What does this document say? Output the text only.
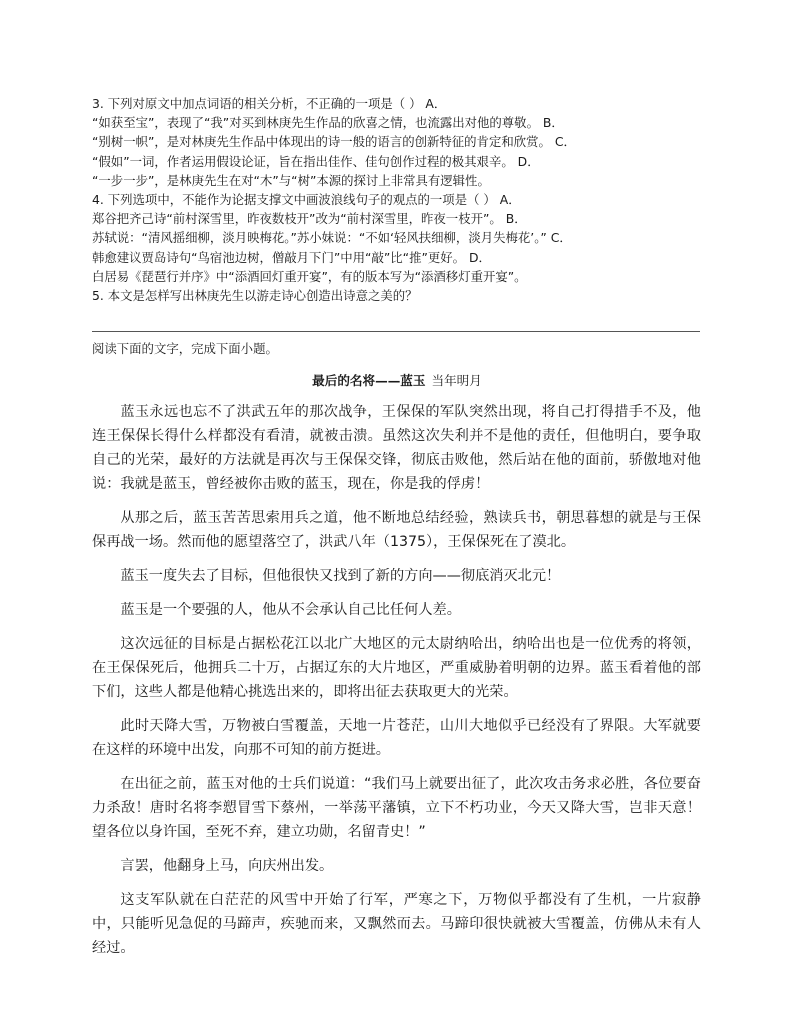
3. 下列对原文中加点词语的相关分析，不正确的一项是（ ） A．
“如获至宝”，表现了“我”对买到林庚先生作品的欣喜之情，也流露出对他的尊敬。 B．
“别树一帜”，是对林庚先生作品中体现出的诗一般的语言的创新特征的肯定和欣赏。 C．
“假如”一词，作者运用假设论证，旨在指出佳作、佳句创作过程的极其艰辛。 D．
“一步一步”，是林庚先生在对“木”与“树”本源的探讨上非常具有逻辑性。
4. 下列选项中，不能作为论据支撑文中画波浪线句子的观点的一项是（ ） A．
郑谷把齐己诗“前村深雪里，昨夜数枝开”改为“前村深雪里，昨夜一枝开”。 B．
苏轼说：“清风摇细柳，淡月映梅花。”苏小妹说：“不如‘轻风扶细柳，淡月失梅花’。” C．
韩愈建议贾岛诗句“鸟宿池边树，僧敲月下门”中用“敲”比“推”更好。 D．
白居易《琵琶行并序》中“添酒回灯重开宴”，有的版本写为“添酒移灯重开宴”。
5. 本文是怎样写出林庚先生以游走诗心创造出诗意之美的？
阅读下面的文字，完成下面小题。
最后的名将——蓝玉 当年明月

蓝玉永远也忘不了洪武五年的那次战争，王保保的军队突然出现，将自己打得措手不及，他连王保保长得什么样都没有看清，就被击溃。虽然这次失利并不是他的责任，但他明白，要争取自己的光荣，最好的方法就是再次与王保保交锋，彻底击败他，然后站在他的面前，骄傲地对他说：我就是蓝玉，曾经被你击败的蓝玉，现在，你是我的俘虏！

从那之后，蓝玉苦苦思索用兵之道，他不断地总结经验，熟读兵书，朝思暮想的就是与王保保再战一场。然而他的愿望落空了，洪武八年（1375），王保保死在了漠北。

蓝玉一度失去了目标，但他很快又找到了新的方向——彻底消灭北元！

蓝玉是一个要强的人，他从不会承认自己比任何人差。

这次远征的目标是占据松花江以北广大地区的元太尉纳哈出，纳哈出也是一位优秀的将领，在王保保死后，他拥兵二十万，占据辽东的大片地区，严重威胁着明朝的边界。蓝玉看着他的部下们，这些人都是他精心挑选出来的，即将出征去获取更大的光荣。

此时天降大雪，万物被白雪覆盖，天地一片苍茫，山川大地似乎已经没有了界限。大军就要在这样的环境中出发，向那不可知的前方挺进。

在出征之前，蓝玉对他的士兵们说道：“我们马上就要出征了，此次攻击务求必胜，各位要奋力杀敌！唐时名将李愬冒雪下蔡州，一举荡平藩镇，立下不朽功业，今天又降大雪，岂非天意！望各位以身许国，至死不弃，建立功勋，名留青史！”

言罢，他翻身上马，向庆州出发。

这支军队就在白茫茫的风雪中开始了行军，严寒之下，万物似乎都没有了生机，一片寂静中，只能听见急促的马蹄声，疾驰而来，又飘然而去。马蹄印很快就被大雪覆盖，仿佛从未有人经过。
